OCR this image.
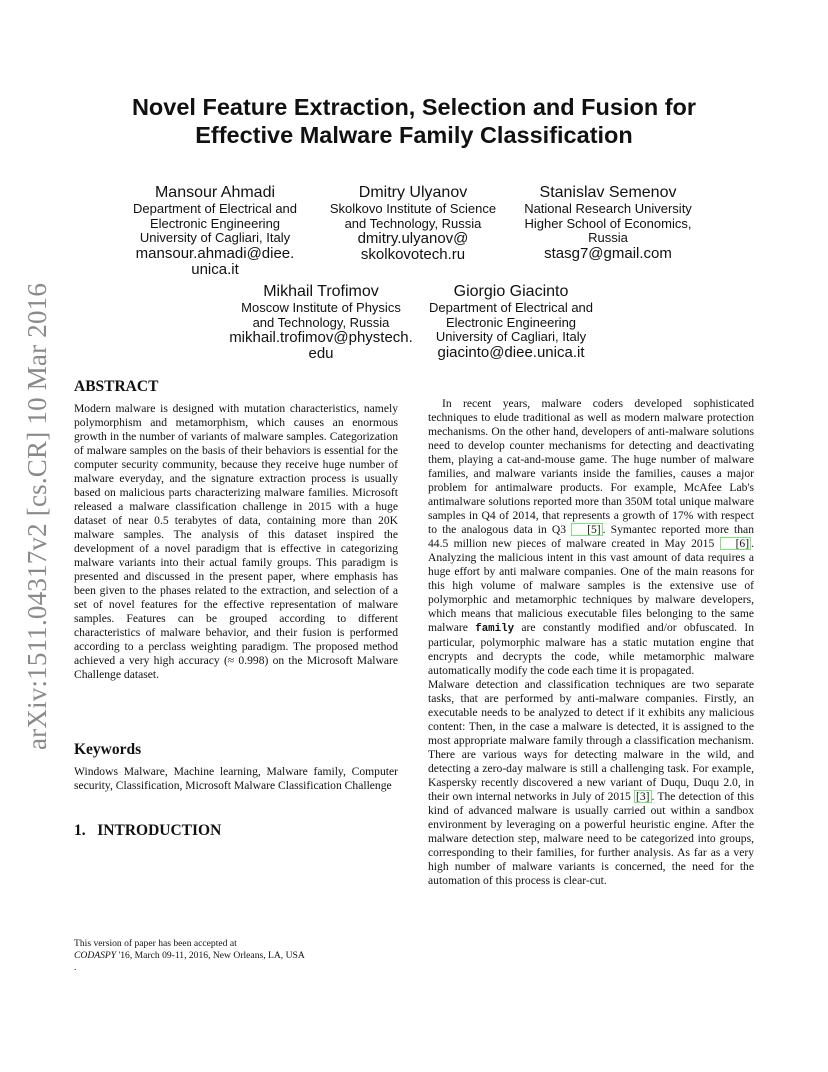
arXiv:1511.04317v2 [cs.CR] 10 Mar 2016
Novel Feature Extraction, Selection and Fusion for
Effective Malware Family Classification
Mansour Ahmadi
Department of Electrical and
Electronic Engineering
University of Cagliari, Italy
mansour.ahmadi@diee.
unica.it
Dmitry Ulyanov
Skolkovo Institute of Science
and Technology, Russia
dmitry.ulyanov@
skolkovotech.ru
Stanislav Semenov
National Research University
Higher School of Economics,
Russia
stasg7@gmail.com
Mikhail Trofimov
Moscow Institute of Physics
and Technology, Russia
mikhail.trofimov@phystech.
edu
Giorgio Giacinto
Department of Electrical and
Electronic Engineering
University of Cagliari, Italy
giacinto@diee.unica.it
ABSTRACT

Modern malware is designed with mutation characteristics, namely polymorphism and metamorphism, which causes an enormous growth in the number of variants of malware samples. Categorization of malware samples on the basis of their behaviors is essential for the computer security community, because they receive huge number of malware everyday, and the signature extraction process is usually based on malicious parts characterizing malware families. Microsoft released a malware classification challenge in 2015 with a huge dataset of near 0.5 terabytes of data, containing more than 20K malware samples. The analysis of this dataset inspired the development of a novel paradigm that is effective in categorizing malware variants into their actual family groups. This paradigm is presented and discussed in the present paper, where emphasis has been given to the phases related to the extraction, and selection of a set of novel features for the effective representation of malware samples. Features can be grouped according to different characteristics of malware behavior, and their fusion is performed according to a perclass weighting paradigm. The proposed method achieved a very high accuracy (≈ 0.998) on the Microsoft Malware Challenge dataset.

Keywords

Windows Malware, Machine learning, Malware family, Computer security, Classification, Microsoft Malware Classification Challenge

1.   INTRODUCTION
This version of paper has been accepted at
CODASPY '16, March 09-11, 2016, New Orleans, LA, USA
.

In recent years, malware coders developed sophisticated techniques to elude traditional as well as modern malware protection mechanisms. On the other hand, developers of anti-malware solutions need to develop counter mechanisms for detecting and deactivating them, playing a cat-and-mouse game. The huge number of malware families, and malware variants inside the families, causes a major problem for antimalware products. For example, McAfee Lab's antimalware solutions reported more than 350M total unique malware samples in Q4 of 2014, that represents a growth of 17% with respect to the analogous data in Q3 [5] . Symantec reported more than 44.5 million new pieces of malware created in May 2015 [6] . Analyzing the malicious intent in this vast amount of data requires a huge effort by anti malware companies. One of the main reasons for this high volume of malware samples is the extensive use of polymorphic and metamorphic techniques by malware developers, which means that malicious executable files belonging to the same malware family are constantly modified and/or obfuscated. In particular, polymorphic malware has a static mutation engine that encrypts and decrypts the code, while metamorphic malware automatically modify the code each time it is propagated.

Malware detection and classification techniques are two separate tasks, that are performed by anti-malware companies. Firstly, an executable needs to be analyzed to detect if it exhibits any malicious content: Then, in the case a malware is detected, it is assigned to the most appropriate malware family through a classification mechanism. There are various ways for detecting malware in the wild, and detecting a zero-day malware is still a challenging task. For example, Kaspersky recently discovered a new variant of Duqu, Duqu 2.0, in their own internal networks in July of 2015 [3] . The detection of this kind of advanced malware is usually carried out within a sandbox environment by leveraging on a powerful heuristic engine. After the malware detection step, malware need to be categorized into groups, corresponding to their families, for further analysis. As far as a very high number of malware variants is concerned, the need for the automation of this process is clear-cut.
